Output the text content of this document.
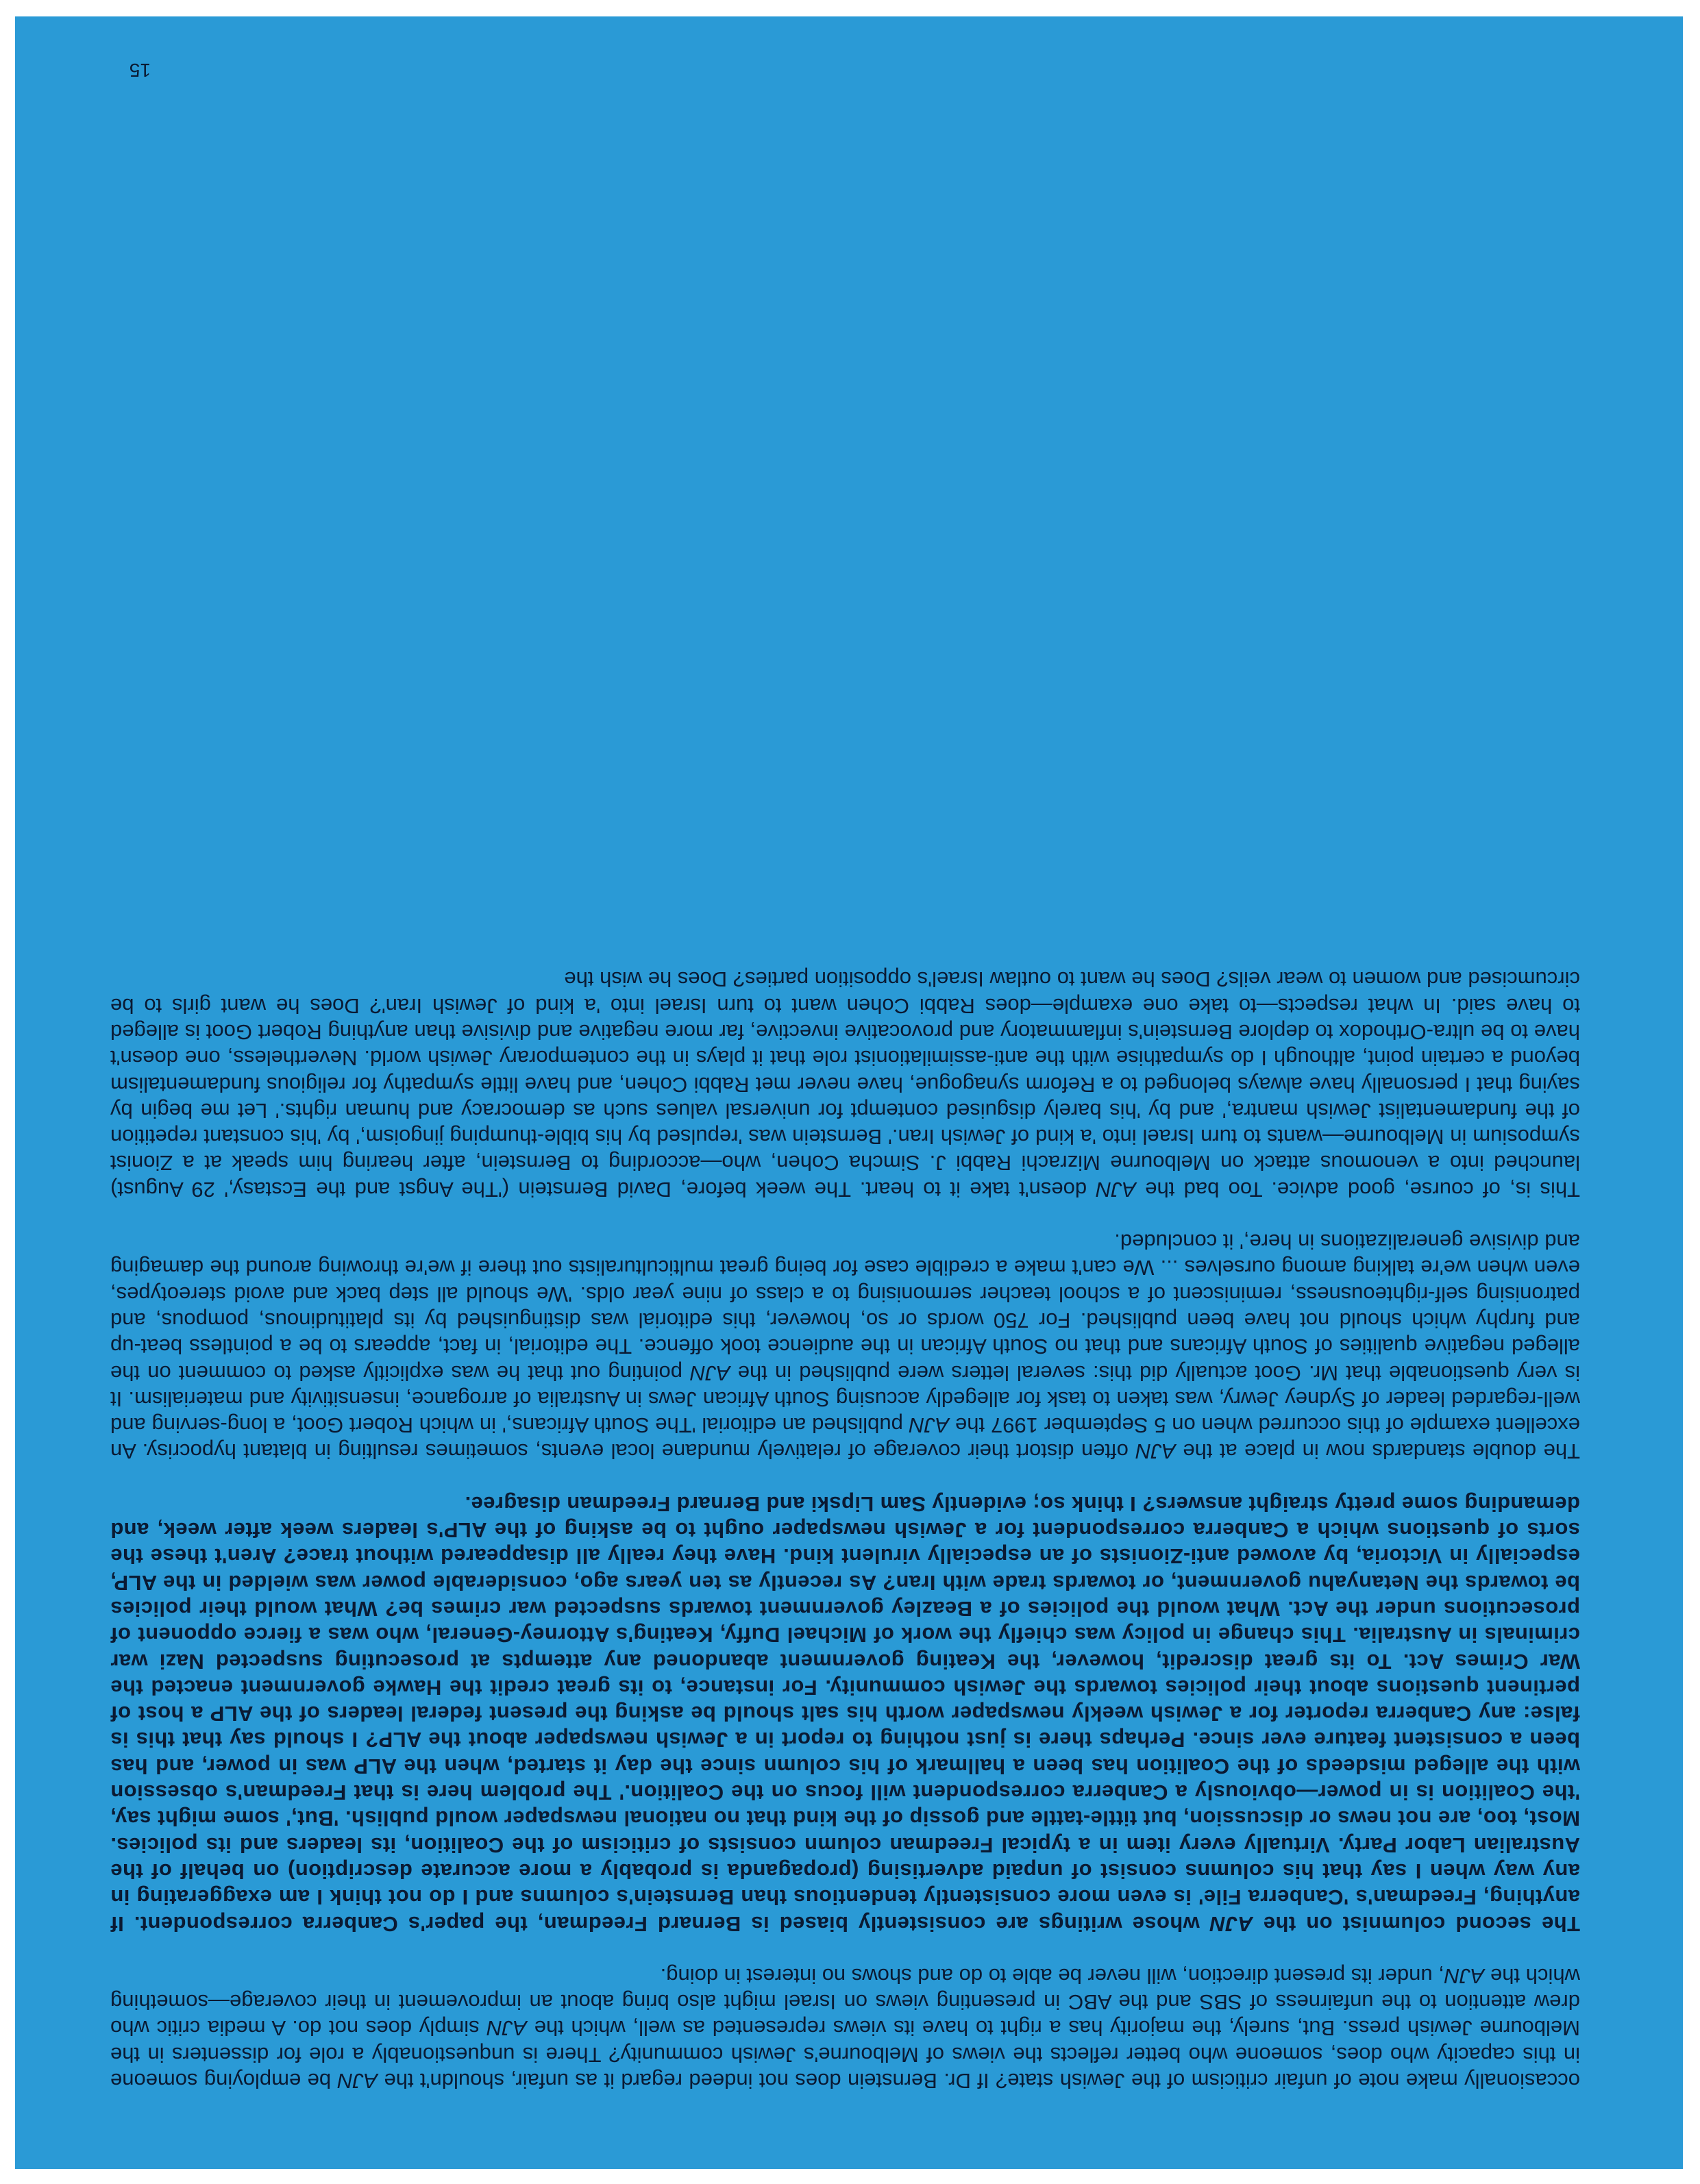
occasionally make note of unfair criticism of the Jewish state? If Dr. Bernstein does not indeed regard it as unfair, shouldn't the AJN be employing someone in this capacity who does, someone who better reflects the views of Melbourne's Jewish community? There is unquestionably a role for dissenters in the Melbourne Jewish press. But, surely, the majority has a right to have its views represented as well, which the AJN simply does not do. A media critic who drew attention to the unfairness of SBS and the ABC in presenting views on Israel might also bring about an improvement in their coverage—something which the AJN, under its present direction, will never be able to do and shows no interest in doing.

The second columnist on the AJN whose writings are consistently biased is Bernard Freedman, the paper's Canberra correspondent. If anything, Freedman's 'Canberra File' is even more consistently tendentious than Bernstein's columns and I do not think I am exaggerating in any way when I say that his columns consist of unpaid advertising (propaganda is probably a more accurate description) on behalf of the Australian Labor Party. Virtually every item in a typical Freedman column consists of criticism of the Coalition, its leaders and its policies. Most, too, are not news or discussion, but tittle-tattle and gossip of the kind that no national newspaper would publish. 'But,' some might say, 'the Coalition is in power—obviously a Canberra correspondent will focus on the Coalition.' The problem here is that Freedman's obsession with the alleged misdeeds of the Coalition has been a hallmark of his column since the day it started, when the ALP was in power, and has been a consistent feature ever since. Perhaps there is just nothing to report in a Jewish newspaper about the ALP? I should say that this is false: any Canberra reporter for a Jewish weekly newspaper worth his salt should be asking the present federal leaders of the ALP a host of pertinent questions about their policies towards the Jewish community. For instance, to its great credit the Hawke government enacted the War Crimes Act. To its great discredit, however, the Keating government abandoned any attempts at prosecuting suspected Nazi war criminals in Australia. This change in policy was chiefly the work of Michael Duffy, Keating's Attorney-General, who was a fierce opponent of prosecutions under the Act. What would the policies of a Beazley government towards suspected war crimes be? What would their policies be towards the Netanyahu government, or towards trade with Iran? As recently as ten years ago, considerable power was wielded in the ALP, especially in Victoria, by avowed anti-Zionists of an especially virulent kind. Have they really all disappeared without trace? Aren't these the sorts of questions which a Canberra correspondent for a Jewish newspaper ought to be asking of the ALP's leaders week after week, and demanding some pretty straight answers? I think so; evidently Sam Lipski and Bernard Freedman disagree.

The double standards now in place at the AJN often distort their coverage of relatively mundane local events, sometimes resulting in blatant hypocrisy. An excellent example of this occurred when on 5 September 1997 the AJN published an editorial 'The South Africans,' in which Robert Goot, a long-serving and well-regarded leader of Sydney Jewry, was taken to task for allegedly accusing South African Jews in Australia of arrogance, insensitivity and materialism. It is very questionable that Mr. Goot actually did this: several letters were published in the AJN pointing out that he was explicitly asked to comment on the alleged negative qualities of South Africans and that no South African in the audience took offence. The editorial, in fact, appears to be a pointless beat-up and furphy which should not have been published. For 750 words or so, however, this editorial was distinguished by its platitudinous, pompous, and patronising self-righteousness, reminiscent of a school teacher sermonising to a class of nine year olds. 'We should all step back and avoid stereotypes, even when we're talking among ourselves ... We can't make a credible case for being great multiculturalists out there if we're throwing around the damaging and divisive generalizations in here,' it concluded.

This is, of course, good advice. Too bad the AJN doesn't take it to heart. The week before, David Bernstein ('The Angst and the Ecstasy,' 29 August) launched into a venomous attack on Melbourne Mizrachi Rabbi J. Simcha Cohen, who—according to Bernstein, after hearing him speak at a Zionist symposium in Melbourne—wants to turn Israel into 'a kind of Jewish Iran.' Bernstein was 'repulsed by his bible-thumping jingoism,' by 'his constant repetition of the fundamentalist Jewish mantra,' and by 'his barely disguised contempt for universal values such as democracy and human rights.' Let me begin by saying that I personally have always belonged to a Reform synagogue, have never met Rabbi Cohen, and have little sympathy for religious fundamentalism beyond a certain point, although I do sympathise with the anti-assimilationist role that it plays in the contemporary Jewish world. Nevertheless, one doesn't have to be ultra-Orthodox to deplore Bernstein's inflammatory and provocative invective, far more negative and divisive than anything Robert Goot is alleged to have said. In what respects—to take one example—does Rabbi Cohen want to turn Israel into 'a kind of Jewish Iran'? Does he want girls to be circumcised and women to wear veils? Does he want to outlaw Israel's opposition parties? Does he wish the

15
